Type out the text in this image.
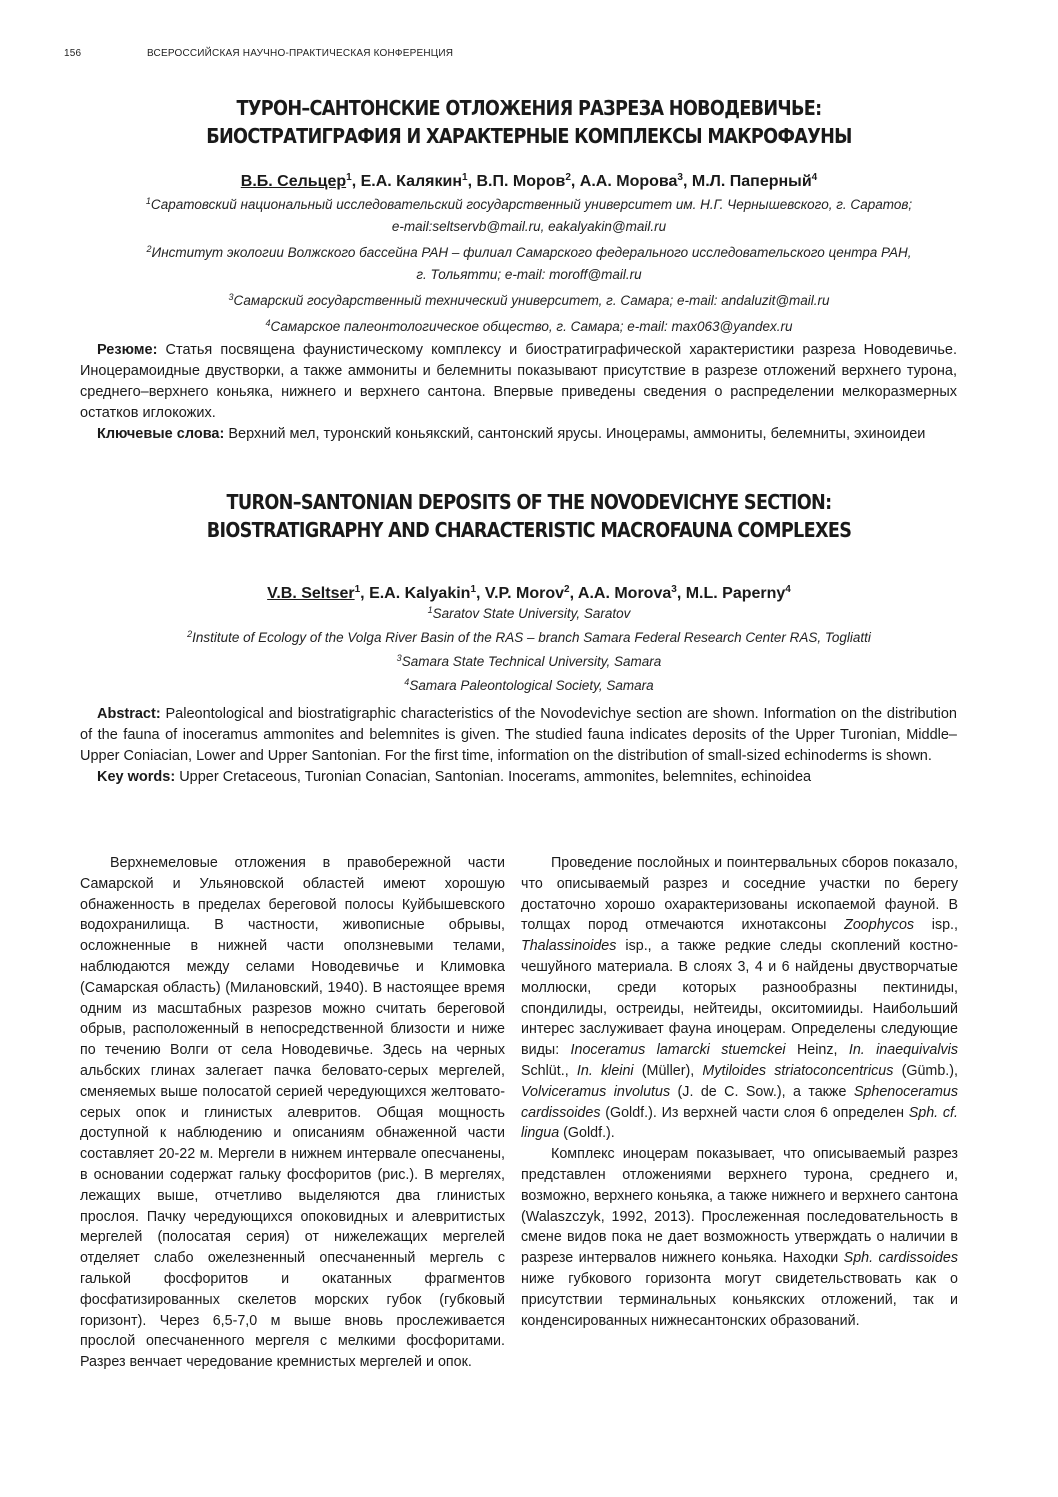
156	ВСЕРОССИЙСКАЯ НАУЧНО-ПРАКТИЧЕСКАЯ КОНФЕРЕНЦИЯ
ТУРОН–САНТОНСКИЕ ОТЛОЖЕНИЯ РАЗРЕЗА НОВОДЕВИЧЬЕ:
БИОСТРАТИГРАФИЯ И ХАРАКТЕРНЫЕ КОМПЛЕКСЫ МАКРОФАУНЫ
В.Б. Сельцер$^1$, Е.А. Калякин$^1$, В.П. Моров$^2$, А.А. Морова$^3$, М.Л. Паперный$^4$
$^1$Саратовский национальный исследовательский государственный университет им. Н.Г. Чернышевского, г. Саратов;
e-mail:seltservb@mail.ru, eakalyakin@mail.ru
$^2$Институт экологии Волжского бассейна РАН – филиал Самарского федерального исследовательского центра РАН,
г. Тольятти; e-mail: moroff@mail.ru
$^3$Самарский государственный технический университет, г. Самара; e-mail: andaluzit@mail.ru
$^4$Самарское палеонтологическое общество, г. Самара; e-mail: max063@yandex.ru

Резюме: Статья посвящена фаунистическому комплексу и биостратиграфической характеристики разреза Новодевичье. Иноцерамоидные двустворки, а также аммониты и белемниты показывают присутствие в разрезе отложений верхнего турона, среднего–верхнего коньяка, нижнего и верхнего сантона. Впервые приведены сведения о распределении мелкоразмерных остатков иглокожих.

Ключевые слова: Верхний мел, туронский коньякский, сантонский ярусы. Иноцерамы, аммониты, белемниты, эхиноидеи

TURON–SANTONIAN DEPOSITS OF THE NOVODEVICHYE SECTION:
BIOSTRATIGRAPHY AND CHARACTERISTIC MACROFAUNA COMPLEXES
V.B. Seltser$^1$, E.A. Kalyakin$^1$, V.P. Morov$^2$, A.A. Morova$^3$, M.L. Paperny$^4$
$^1$Saratov State University, Saratov
$^2$Institute of Ecology of the Volga River Basin of the RAS – branch Samara Federal Research Center RAS, Togliatti
$^3$Samara State Technical University, Samara
$^4$Samara Paleontological Society, Samara

Abstract: Paleontological and biostratigraphic characteristics of the Novodevichye section are shown. Information on the distribution of the fauna of inoceramus ammonites and belemnites is given. The studied fauna indicates deposits of the Upper Turonian, Middle–Upper Coniacian, Lower and Upper Santonian. For the first time, information on the distribution of small-sized echinoderms is shown.

Key words: Upper Cretaceous, Turonian Conacian, Santonian. Inocerams, ammonites, belemnites, echinoidea

Верхнемеловые отложения в правобережной части Самарской и Ульяновской областей имеют хорошую обнаженность в пределах береговой полосы Куйбышевского водохранилища. В частности, живописные обрывы, осложненные в нижней части оползневыми телами, наблюдаются между селами Новодевичье и Климовка (Самарская область) (Милановский, 1940). В настоящее время одним из масштабных разрезов можно считать береговой обрыв, расположенный в непосредственной близости и ниже по течению Волги от села Новодевичье. Здесь на черных альбских глинах залегает пачка беловато-серых мергелей, сменяемых выше полосатой серией чередующихся желтовато-серых опок и глинистых алевритов. Общая мощность доступной к наблюдению и описаниям обнаженной части составляет 20-22 м. Мергели в нижнем интервале опесчанены, в основании содержат гальку фосфоритов (рис.). В мергелях, лежащих выше, отчетливо выделяются два глинистых прослоя. Пачку чередующихся опоковидных и алевритистых мергелей (полосатая серия) от нижележащих мергелей отделяет слабо ожелезненный опесчаненный мергель с галькой фосфоритов и окатанных фрагментов фосфатизированных скелетов морских губок (губковый горизонт). Через 6,5-7,0 м выше вновь прослеживается прослой опесчаненного мергеля с мелкими фосфоритами. Разрез венчает чередование кремнистых мергелей и опок.

Проведение послойных и поинтервальных сборов показало, что описываемый разрез и соседние участки по берегу достаточно хорошо охарактеризованы ископаемой фауной. В толщах пород отмечаются ихнотаксоны Zoophycos isp., Thalassinoides isp., а также редкие следы скоплений костно-чешуйного материала. В слоях 3, 4 и 6 найдены двустворчатые моллюски, среди которых разнообразны пектиниды, спондилиды, остреиды, нейтеиды, окситомииды. Наибольший интерес заслуживает фауна иноцерам. Определены следующие виды: Inoceramus lamarcki stuemckei Heinz, In. inaequivalvis Schlüt., In. kleini (Müller), Mytiloides striatoconcentricus (Gümb.), Volviceramus involutus (J. de C. Sow.), а также Sphenoceramus cardissoides (Goldf.). Из верхней части слоя 6 определен Sph. cf. lingua (Goldf.).

Комплекс иноцерам показывает, что описываемый разрез представлен отложениями верхнего турона, среднего и, возможно, верхнего коньяка, а также нижнего и верхнего сантона (Walaszczyk, 1992, 2013). Прослеженная последовательность в смене видов пока не дает возможность утверждать о наличии в разрезе интервалов нижнего коньяка. Находки Sph. cardissoides ниже губкового горизонта могут свидетельствовать как о присутствии терминальных коньякских отложений, так и конденсированных нижнесантонских образований.
